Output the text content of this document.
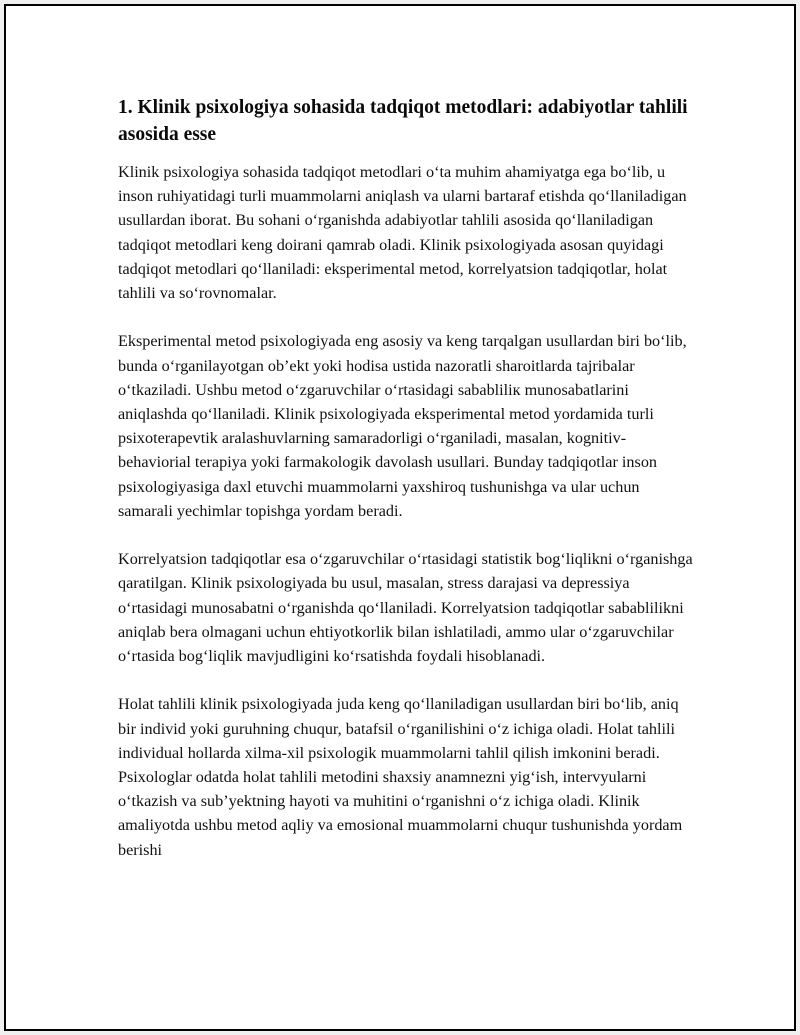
1. Klinik psixologiya sohasida tadqiqot metodlari: adabiyotlar tahlili asosida esse

Klinik psixologiya sohasida tadqiqot metodlari o‘ta muhim ahamiyatga ega bo‘lib, u inson ruhiyatidagi turli muammolarni aniqlash va ularni bartaraf etishda qo‘llaniladigan usullardan iborat. Bu sohani o‘rganishda adabiyotlar tahlili asosida qo‘llaniladigan tadqiqot metodlari keng doirani qamrab oladi. Klinik psixologiyada asosan quyidagi tadqiqot metodlari qo‘llaniladi: eksperimental metod, korrelyatsion tadqiqotlar, holat tahlili va so‘rovnomalar.

Eksperimental metod psixologiyada eng asosiy va keng tarqalgan usullardan biri bo‘lib, bunda o‘rganilayotgan ob’ekt yoki hodisa ustida nazoratli sharoitlarda tajribalar o‘tkaziladi. Ushbu metod o‘zgaruvchilar o‘rtasidagi sababliliк munosabatlarini aniqlashda qo‘llaniladi. Klinik psixologiyada eksperimental metod yordamida turli psixoterapevtik aralashuvlarning samaradorligi o‘rganiladi, masalan, kognitiv-behaviorial terapiya yoki farmakologik davolash usullari. Bunday tadqiqotlar inson psixologiyasiga daxl etuvchi muammolarni yaxshiroq tushunishga va ular uchun samarali yechimlar topishga yordam beradi.

Korrelyatsion tadqiqotlar esa o‘zgaruvchilar o‘rtasidagi statistik bog‘liqlikni o‘rganishga qaratilgan. Klinik psixologiyada bu usul, masalan, stress darajasi va depressiya o‘rtasidagi munosabatni o‘rganishda qo‘llaniladi. Korrelyatsion tadqiqotlar sabablilikni aniqlab bera olmagani uchun ehtiyotkorlik bilan ishlatiladi, ammo ular o‘zgaruvchilar o‘rtasida bog‘liqlik mavjudligini ko‘rsatishda foydali hisoblanadi.

Holat tahlili klinik psixologiyada juda keng qo‘llaniladigan usullardan biri bo‘lib, aniq bir individ yoki guruhning chuqur, batafsil o‘rganilishini o‘z ichiga oladi. Holat tahlili individual hollarda xilma-xil psixologik muammolarni tahlil qilish imkonini beradi. Psixologlar odatda holat tahlili metodini shaxsiy anamnezni yig‘ish, intervyularni o‘tkazish va sub’yektning hayoti va muhitini o‘rganishni o‘z ichiga oladi. Klinik amaliyotda ushbu metod aqliy va emosional muammolarni chuqur tushunishda yordam berishi
